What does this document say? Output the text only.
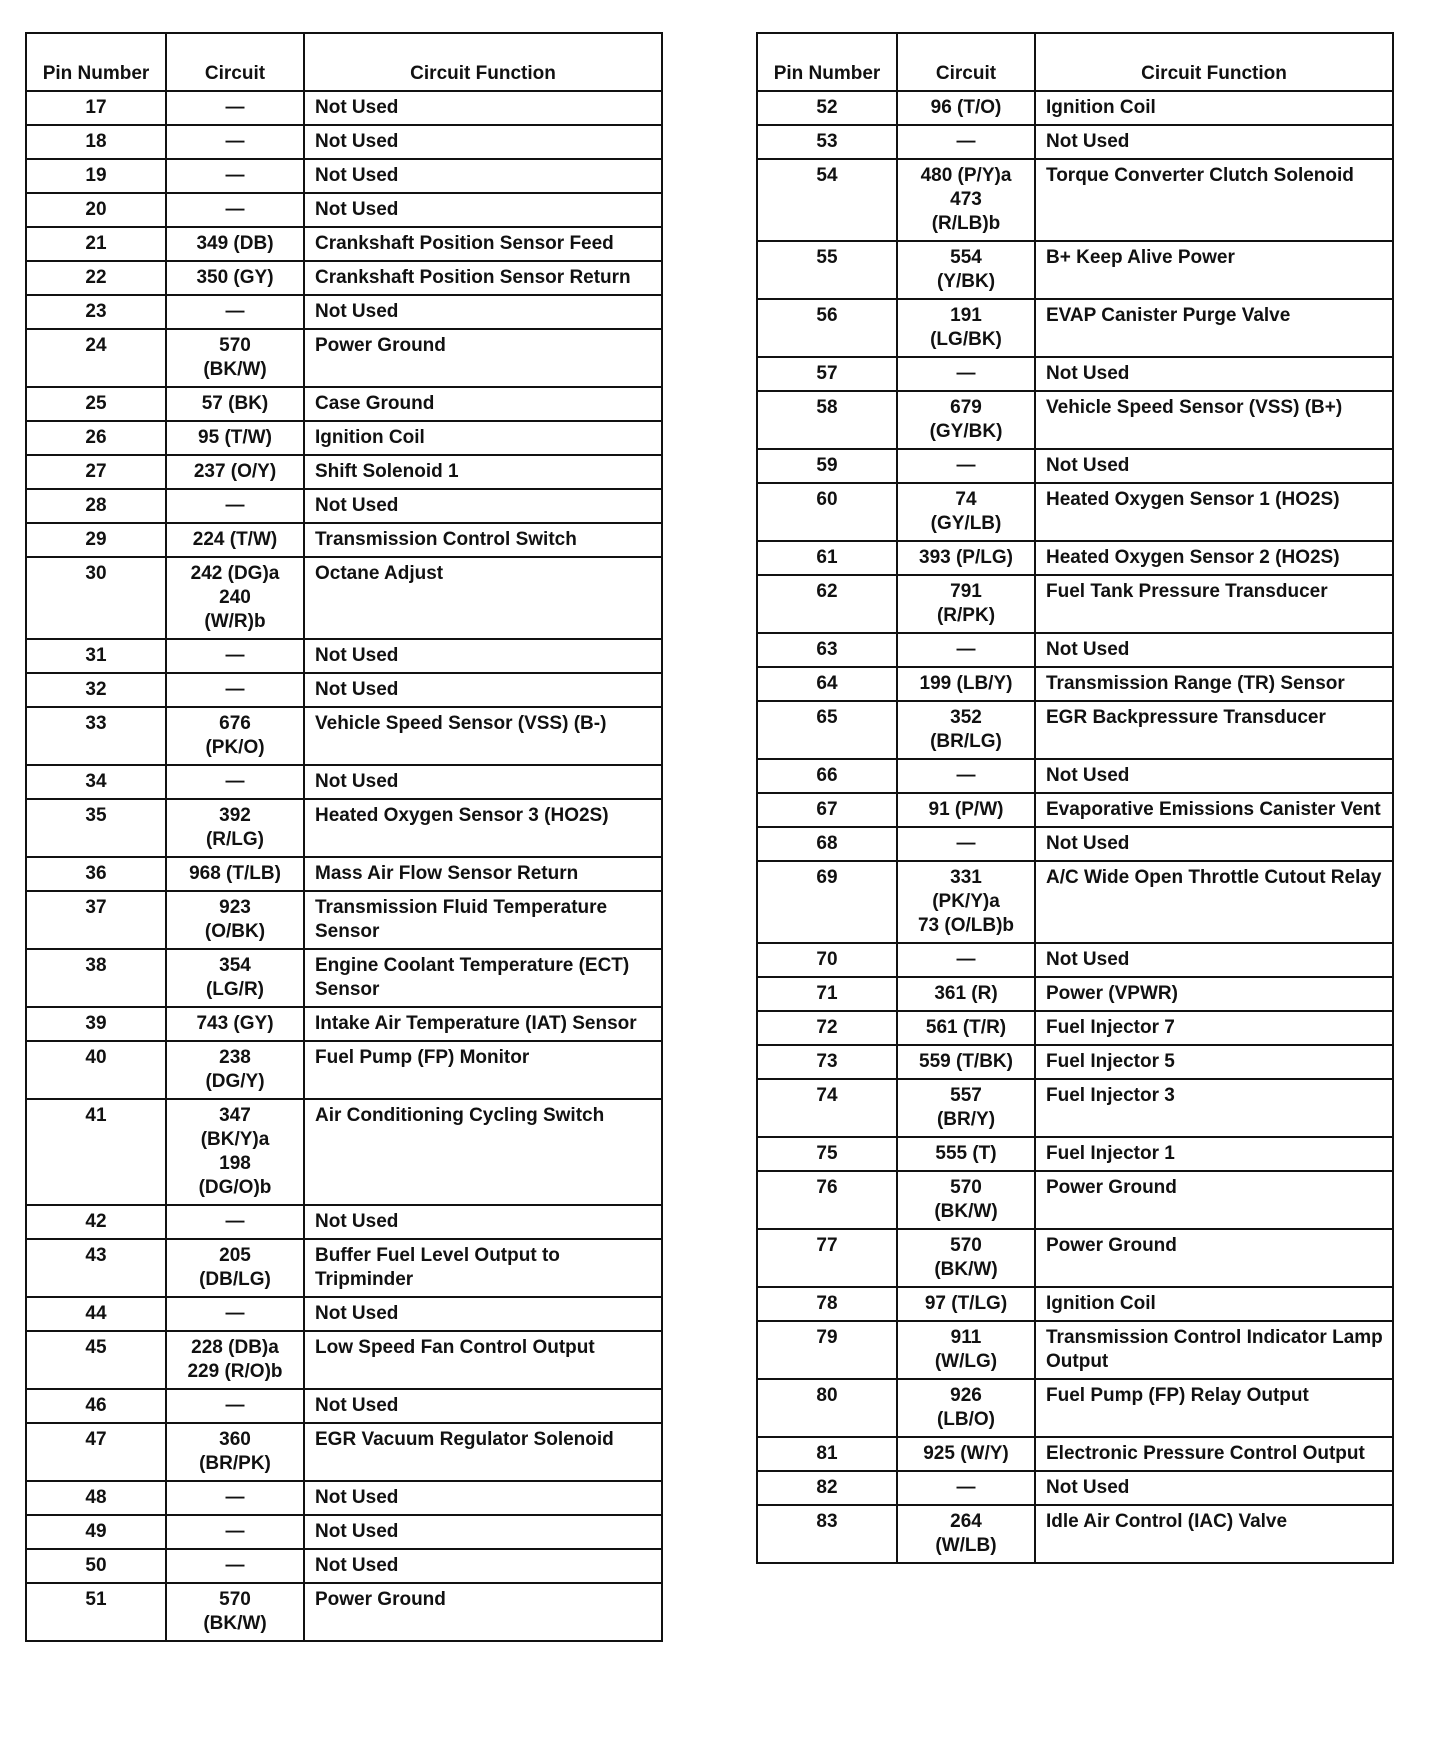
Pin Number	Circuit	Circuit Function
17	—	Not Used
18	—	Not Used
19	—	Not Used
20	—	Not Used
21	349 (DB)	Crankshaft Position Sensor Feed
22	350 (GY)	Crankshaft Position Sensor Return
23	—	Not Used
24	570
(BK/W)	Power Ground
25	57 (BK)	Case Ground
26	95 (T/W)	Ignition Coil
27	237 (O/Y)	Shift Solenoid 1
28	—	Not Used
29	224 (T/W)	Transmission Control Switch
30	242 (DG)a
240
(W/R)b	Octane Adjust
31	—	Not Used
32	—	Not Used
33	676
(PK/O)	Vehicle Speed Sensor (VSS) (B-)
34	—	Not Used
35	392
(R/LG)	Heated Oxygen Sensor 3 (HO2S)
36	968 (T/LB)	Mass Air Flow Sensor Return
37	923
(O/BK)	Transmission Fluid Temperature Sensor
38	354
(LG/R)	Engine Coolant Temperature (ECT) Sensor
39	743 (GY)	Intake Air Temperature (IAT) Sensor
40	238
(DG/Y)	Fuel Pump (FP) Monitor
41	347
(BK/Y)a
198
(DG/O)b	Air Conditioning Cycling Switch
42	—	Not Used
43	205
(DB/LG)	Buffer Fuel Level Output to Tripminder
44	—	Not Used
45	228 (DB)a
229 (R/O)b	Low Speed Fan Control Output
46	—	Not Used
47	360
(BR/PK)	EGR Vacuum Regulator Solenoid
48	—	Not Used
49	—	Not Used
50	—	Not Used
51	570
(BK/W)	Power Ground
Pin Number	Circuit	Circuit Function
52	96 (T/O)	Ignition Coil
53	—	Not Used
54	480 (P/Y)a
473
(R/LB)b	Torque Converter Clutch Solenoid
55	554
(Y/BK)	B+ Keep Alive Power
56	191
(LG/BK)	EVAP Canister Purge Valve
57	—	Not Used
58	679
(GY/BK)	Vehicle Speed Sensor (VSS) (B+)
59	—	Not Used
60	74
(GY/LB)	Heated Oxygen Sensor 1 (HO2S)
61	393 (P/LG)	Heated Oxygen Sensor 2 (HO2S)
62	791
(R/PK)	Fuel Tank Pressure Transducer
63	—	Not Used
64	199 (LB/Y)	Transmission Range (TR) Sensor
65	352
(BR/LG)	EGR Backpressure Transducer
66	—	Not Used
67	91 (P/W)	Evaporative Emissions Canister Vent
68	—	Not Used
69	331
(PK/Y)a
73 (O/LB)b	A/C Wide Open Throttle Cutout Relay
70	—	Not Used
71	361 (R)	Power (VPWR)
72	561 (T/R)	Fuel Injector 7
73	559 (T/BK)	Fuel Injector 5
74	557
(BR/Y)	Fuel Injector 3
75	555 (T)	Fuel Injector 1
76	570
(BK/W)	Power Ground
77	570
(BK/W)	Power Ground
78	97 (T/LG)	Ignition Coil
79	911
(W/LG)	Transmission Control Indicator Lamp Output
80	926
(LB/O)	Fuel Pump (FP) Relay Output
81	925 (W/Y)	Electronic Pressure Control Output
82	—	Not Used
83	264
(W/LB)	Idle Air Control (IAC) Valve
